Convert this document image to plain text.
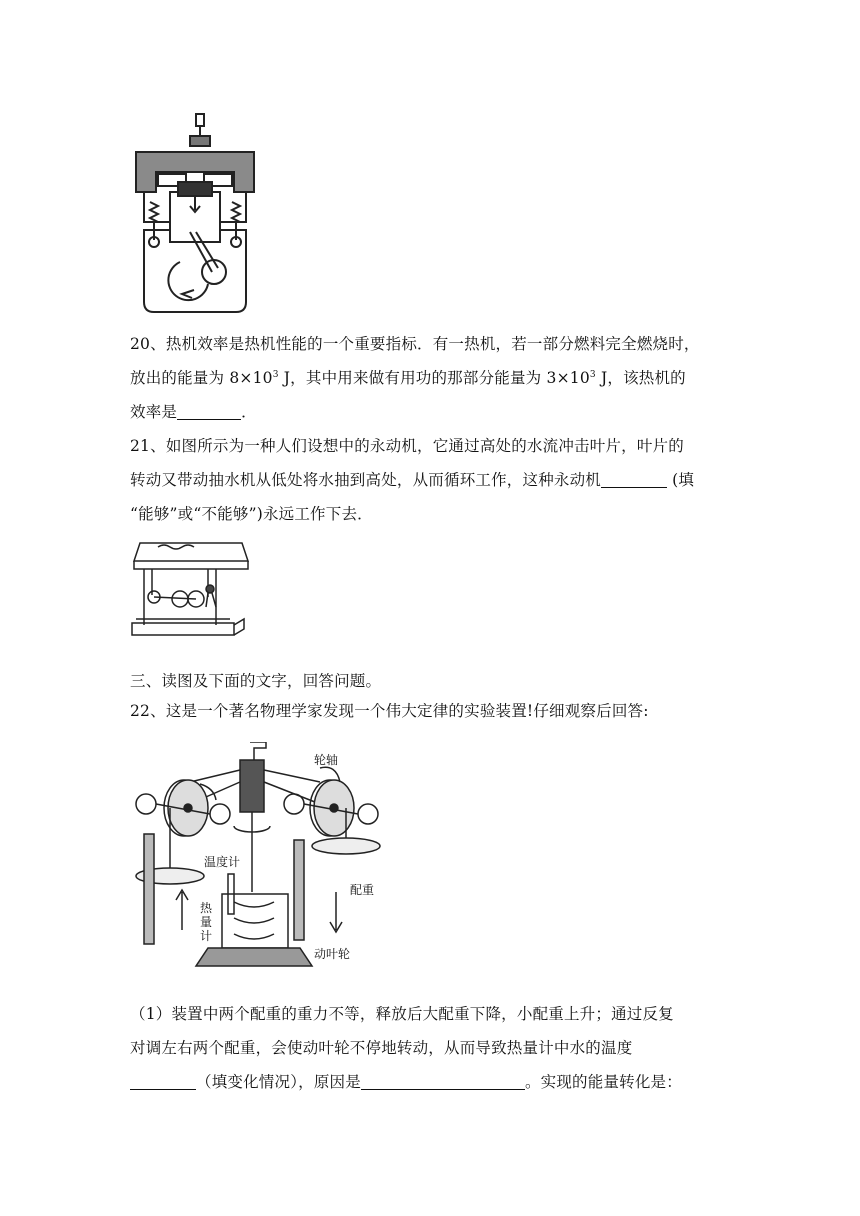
20、热机效率是热机性能的一个重要指标．有一热机，若一部分燃料完全燃烧时，
放出的能量为 $8\times 10^3$ J，其中用来做有用功的那部分能量为 $3\times 10^3$ J，该热机的
效率是	．
21、如图所示为一种人们设想中的永动机，它通过高处的水流冲击叶片，叶片的
转动又带动抽水机从低处将水抽到高处，从而循环工作，这种永动机	(填
“能够”或“不能够”)永远工作下去．
三、读图及下面的文字，回答问题。
22、这是一个著名物理学家发现一个伟大定律的实验装置!仔细观察后回答:
轮轴
温度计
配重
热
量
计
动叶轮
（1）装置中两个配重的重力不等，释放后大配重下降，小配重上升；通过反复
对调左右两个配重，会使动叶轮不停地转动，从而导致热量计中水的温度
（填变化情况），原因是	。实现的能量转化是：
